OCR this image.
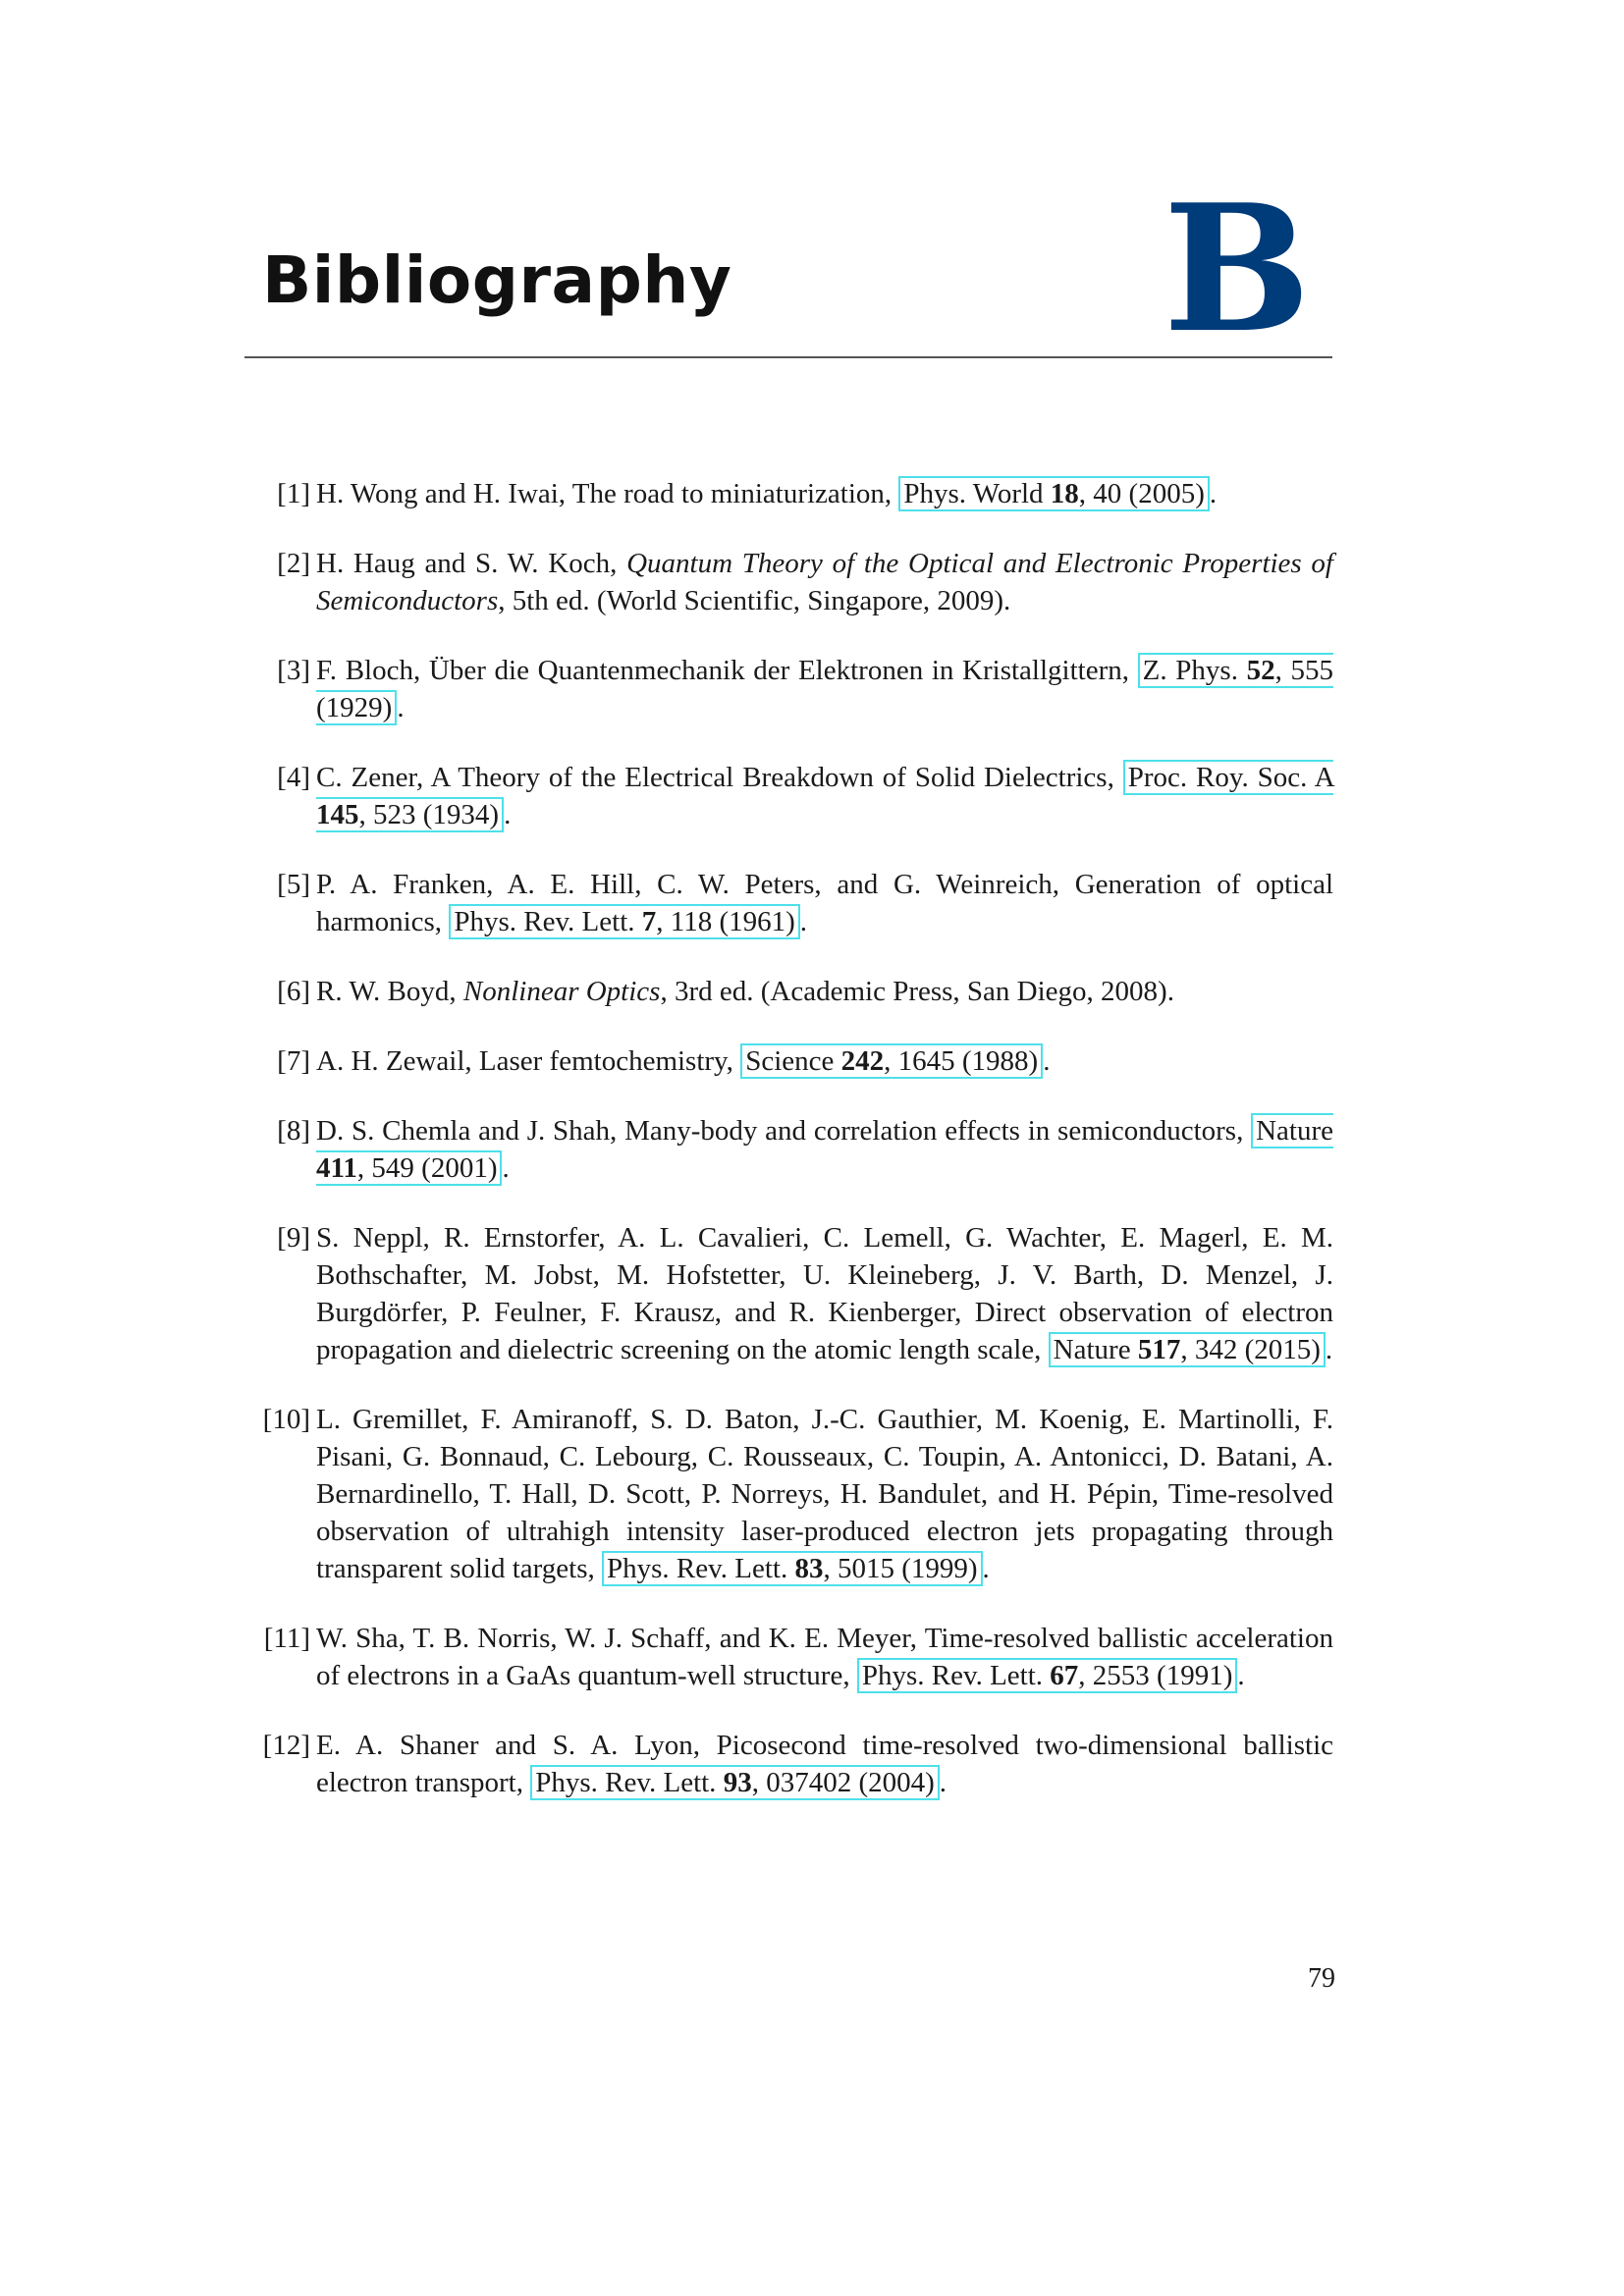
Bibliography B
[1] H. Wong and H. Iwai, The road to miniaturization, Phys. World 18, 40 (2005) .
[2] H. Haug and S. W. Koch, Quantum Theory of the Optical and Electronic Properties of Semiconductors, 5th ed. (World Scientific, Singapore, 2009).
[3] F. Bloch, Über die Quantenmechanik der Elektronen in Kristallgittern, Z. Phys. 52, 555 (1929) .
[4] C. Zener, A Theory of the Electrical Breakdown of Solid Dielectrics, Proc. Roy. Soc. A 145, 523 (1934) .
[5] P. A. Franken, A. E. Hill, C. W. Peters, and G. Weinreich, Generation of optical harmonics, Phys. Rev. Lett. 7, 118 (1961) .
[6] R. W. Boyd, Nonlinear Optics, 3rd ed. (Academic Press, San Diego, 2008).
[7] A. H. Zewail, Laser femtochemistry, Science 242, 1645 (1988) .
[8] D. S. Chemla and J. Shah, Many-body and correlation effects in semiconductors, Nature 411, 549 (2001) .
[9] S. Neppl, R. Ernstorfer, A. L. Cavalieri, C. Lemell, G. Wachter, E. Magerl, E. M. Bothschafter, M. Jobst, M. Hofstetter, U. Kleineberg, J. V. Barth, D. Menzel, J. Burgdörfer, P. Feulner, F. Krausz, and R. Kienberger, Direct observation of electron propagation and dielectric screening on the atomic length scale, Nature 517, 342 (2015) .
[10] L. Gremillet, F. Amiranoff, S. D. Baton, J.-C. Gauthier, M. Koenig, E. Martinolli, F. Pisani, G. Bonnaud, C. Lebourg, C. Rousseaux, C. Toupin, A. Antonicci, D. Batani, A. Bernardinello, T. Hall, D. Scott, P. Norreys, H. Bandulet, and H. Pépin, Time-resolved observation of ultrahigh intensity laser-produced electron jets propagating through transparent solid targets, Phys. Rev. Lett. 83, 5015 (1999) .
[11] W. Sha, T. B. Norris, W. J. Schaff, and K. E. Meyer, Time-resolved ballistic acceleration of electrons in a GaAs quantum-well structure, Phys. Rev. Lett. 67, 2553 (1991) .
[12] E. A. Shaner and S. A. Lyon, Picosecond time-resolved two-dimensional ballistic electron transport, Phys. Rev. Lett. 93, 037402 (2004) .
79
